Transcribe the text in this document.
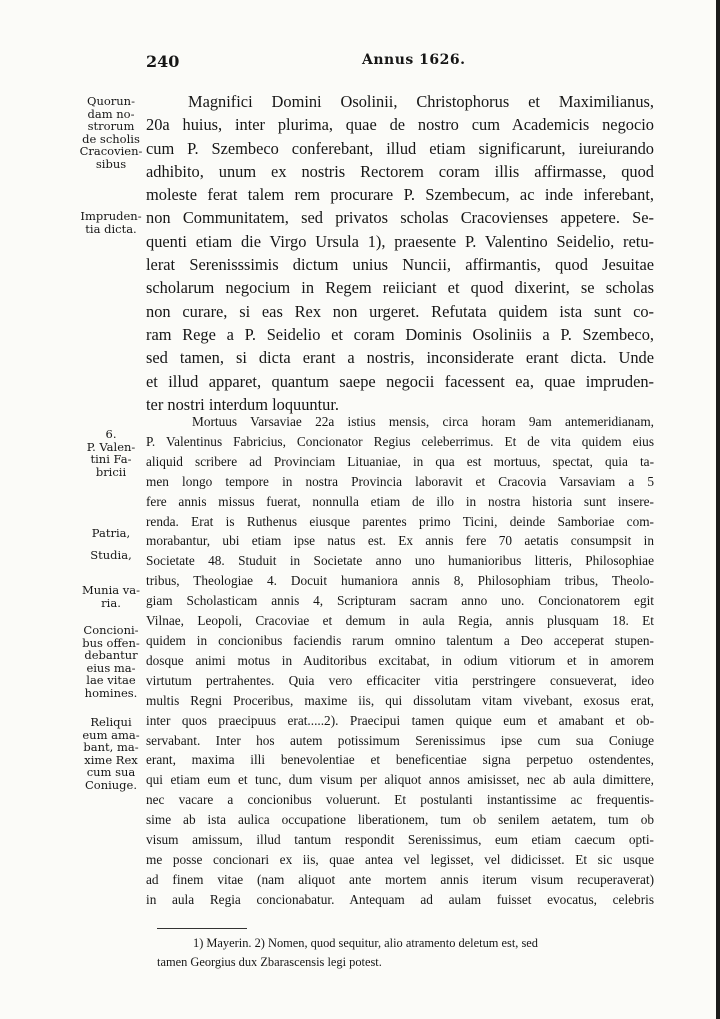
240	Annus 1626.
Quorun-
dam no-
strorum
de scholis
Cracovien-
sibus
Impruden-
tia dicta.
6.
P. Valen-
tini Fa-
bricii
Patria,
Studia,
Munia va-
ria.
Concioni-
bus offen-
debantur
eius ma-
lae vitae
homines.
Reliqui
eum ama-
bant, ma-
xime Rex
cum sua
Coniuge.

Magnifici Domini Osolinii, Christophorus et Maximilianus,

20a huius, inter plurima, quae de nostro cum Academicis negocio

cum P. Szembeco conferebant, illud etiam significarunt, iureiurando

adhibito, unum ex nostris Rectorem coram illis affirmasse, quod

moleste ferat talem rem procurare P. Szembecum, ac inde inferebant,

non Communitatem, sed privatos scholas Cracovienses appetere. Se-

quenti etiam die Virgo Ursula 1), praesente P. Valentino Seidelio, retu-

lerat Serenisssimis dictum unius Nuncii, affirmantis, quod Jesuitae

scholarum negocium in Regem reiiciant et quod dixerint, se scholas

non curare, si eas Rex non urgeret. Refutata quidem ista sunt co-

ram Rege a P. Seidelio et coram Dominis Osoliniis a P. Szembeco,

sed tamen, si dicta erant a nostris, inconsiderate erant dicta. Unde

et illud apparet, quantum saepe negocii facessent ea, quae impruden-

ter nostri interdum loquuntur.

Mortuus Varsaviae 22a istius mensis, circa horam 9am antemeridianam,

P. Valentinus Fabricius, Concionator Regius celeberrimus. Et de vita quidem eius

aliquid scribere ad Provinciam Lituaniae, in qua est mortuus, spectat, quia ta-

men longo tempore in nostra Provincia laboravit et Cracovia Varsaviam a 5

fere annis missus fuerat, nonnulla etiam de illo in nostra historia sunt insere-

renda. Erat is Ruthenus eiusque parentes primo Ticini, deinde Samboriae com-

morabantur, ubi etiam ipse natus est. Ex annis fere 70 aetatis consumpsit in

Societate 48. Studuit in Societate anno uno humanioribus litteris, Philosophiae

tribus, Theologiae 4. Docuit humaniora annis 8, Philosophiam tribus, Theolo-

giam Scholasticam annis 4, Scripturam sacram anno uno. Concionatorem egit

Vilnae, Leopoli, Cracoviae et demum in aula Regia, annis plusquam 18. Et

quidem in concionibus faciendis rarum omnino talentum a Deo acceperat stupen-

dosque animi motus in Auditoribus excitabat, in odium vitiorum et in amorem

virtutum pertrahentes. Quia vero efficaciter vitia perstringere consueverat, ideo

multis Regni Proceribus, maxime iis, qui dissolutam vitam vivebant, exosus erat,

inter quos praecipuus erat.....2). Praecipui tamen quique eum et amabant et ob-

servabant. Inter hos autem potissimum Serenissimus ipse cum sua Coniuge

erant, maxima illi benevolentiae et beneficentiae signa perpetuo ostendentes,

qui etiam eum et tunc, dum visum per aliquot annos amisisset, nec ab aula dimittere,

nec vacare a concionibus voluerunt. Et postulanti instantissime ac frequentis-

sime ab ista aulica occupatione liberationem, tum ob senilem aetatem, tum ob

visum amissum, illud tantum respondit Serenissimus, eum etiam caecum opti-

me posse concionari ex iis, quae antea vel legisset, vel didicisset. Et sic usque

ad finem vitae (nam aliquot ante mortem annis iterum visum recuperaverat)

in aula Regia concionabatur. Antequam ad aulam fuisset evocatus, celebris

1) Mayerin. 2) Nomen, quod sequitur, alio atramento deletum est, sed

tamen Georgius dux Zbarascensis legi potest.
